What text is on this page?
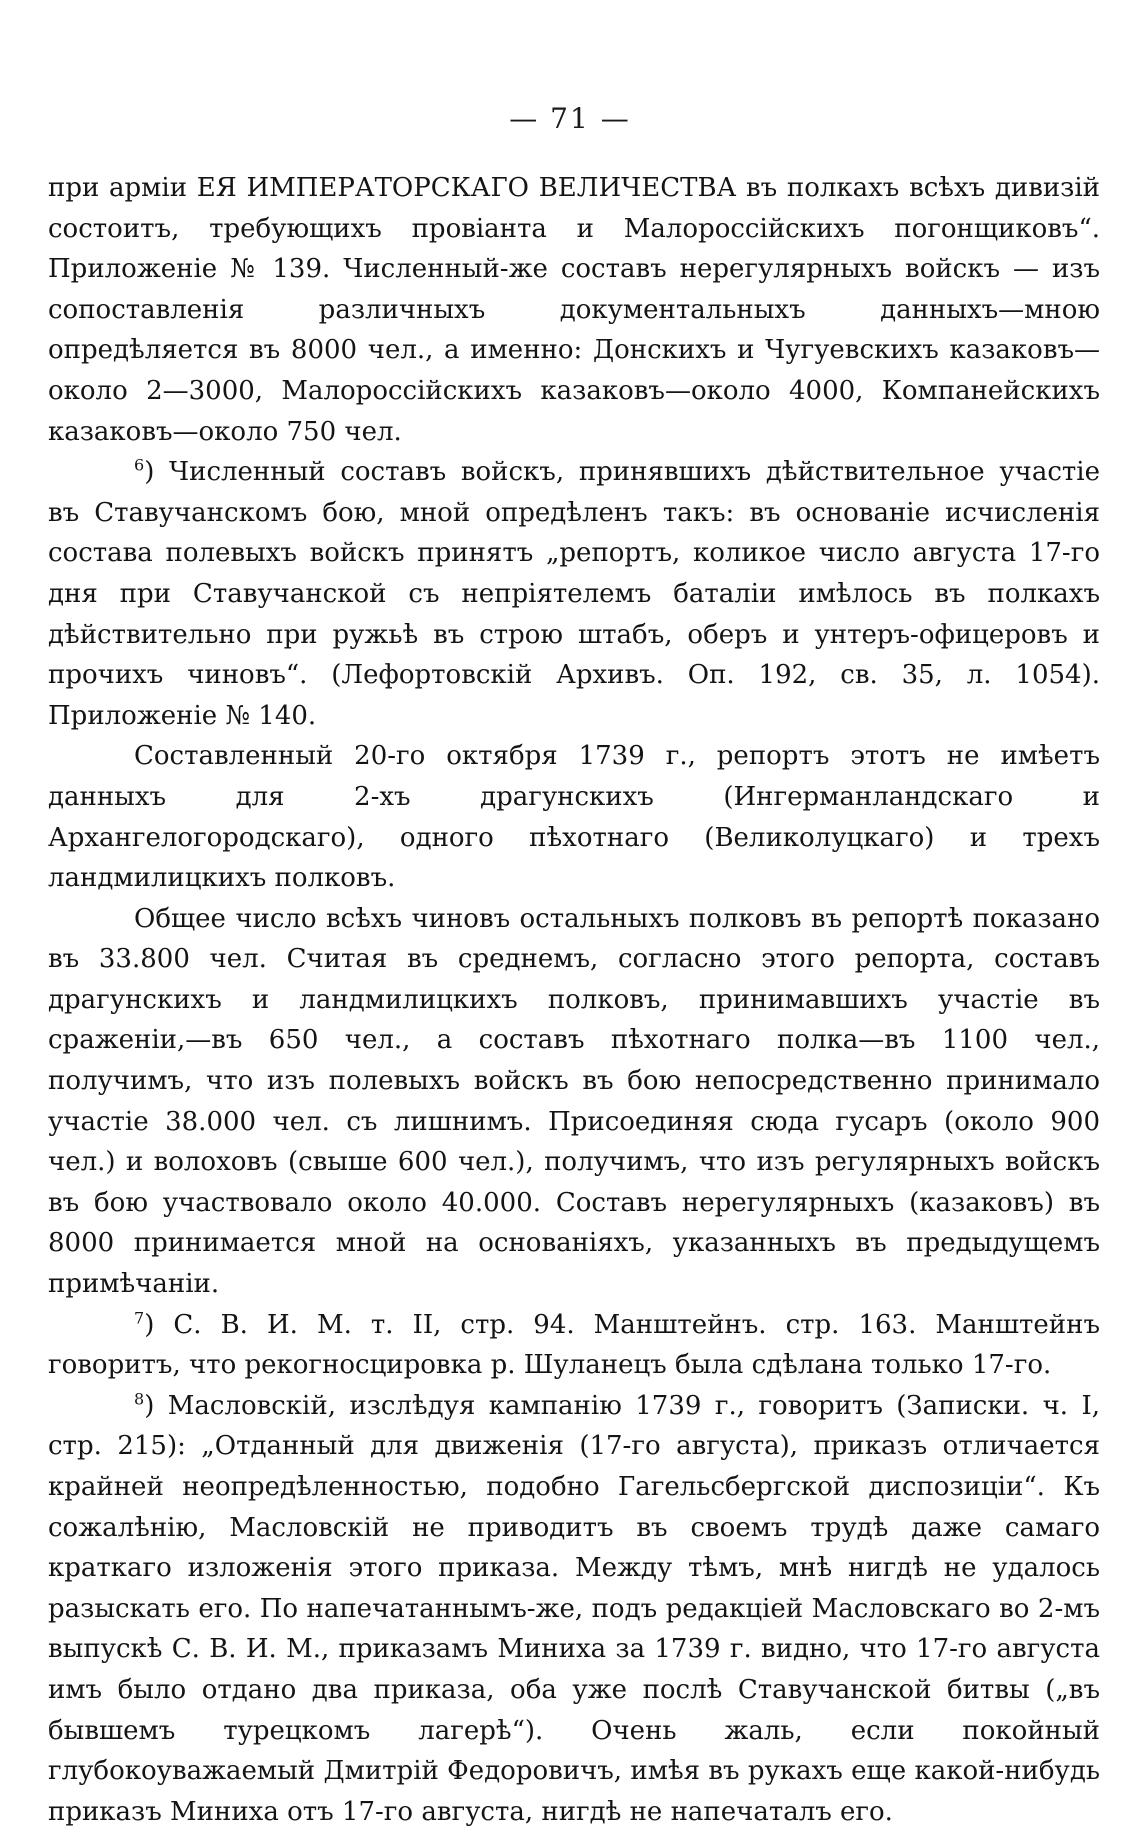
— 71 —

при арміи ЕЯ ИМПЕРАТОРСКАГО ВЕЛИЧЕСТВА въ полкахъ всѣхъ дивизій состоитъ, требующихъ провіанта и Малороссійскихъ погонщиковъ“. Приложеніе № 139. Численный-же составъ нерегулярныхъ войскъ — изъ сопоставленія различныхъ документальныхъ данныхъ—мною опредѣляется въ 8000 чел., а именно: Донскихъ и Чугуевскихъ казаковъ—около 2—3000, Малороссійскихъ казаковъ—около 4000, Компанейскихъ казаковъ—около 750 чел.

$^6$) Численный составъ войскъ, принявшихъ дѣйствительное участіе въ Ставучанскомъ бою, мной опредѣленъ такъ: въ основаніе исчисленія состава полевыхъ войскъ принятъ „репортъ, коликое число августа 17-го дня при Ставучанской съ непріятелемъ баталіи имѣлось въ полкахъ дѣйствительно при ружьѣ въ строю штабъ, оберъ и унтеръ-офицеровъ и прочихъ чиновъ“. (Лефортовскій Архивъ. Оп. 192, св. 35, л. 1054). Приложеніе № 140.

Составленный 20-го октября 1739 г., репортъ этотъ не имѣетъ данныхъ для 2-хъ драгунскихъ (Ингерманландскаго и Архангелогородскаго), одного пѣхотнаго (Великолуцкаго) и трехъ ландмилицкихъ полковъ.

Общее число всѣхъ чиновъ остальныхъ полковъ въ репортѣ показано въ 33.800 чел. Считая въ среднемъ, согласно этого репорта, составъ драгунскихъ и ландмилицкихъ полковъ, принимавшихъ участіе въ сраженіи,—въ 650 чел., а составъ пѣхотнаго полка—въ 1100 чел., получимъ, что изъ полевыхъ войскъ въ бою непосредственно принимало участіе 38.000 чел. съ лишнимъ. Присоединяя сюда гусаръ (около 900 чел.) и волоховъ (свыше 600 чел.), получимъ, что изъ регулярныхъ войскъ въ бою участвовало около 40.000. Составъ нерегулярныхъ (казаковъ) въ 8000 принимается мной на основаніяхъ, указанныхъ въ предыдущемъ примѣчаніи.

$^7$) С. В. И. М. т. II, стр. 94. Манштейнъ. стр. 163. Манштейнъ говоритъ, что рекогносцировка р. Шуланецъ была сдѣлана только 17-го.

$^8$) Масловскій, изслѣдуя кампанію 1739 г., говоритъ (Записки. ч. I, стр. 215): „Отданный для движенія (17-го августа), приказъ отличается крайней неопредѣленностью, подобно Гагельсбергской диспозиціи“. Къ сожалѣнію, Масловскій не приводитъ въ своемъ трудѣ даже самаго краткаго изложенія этого приказа. Между тѣмъ, мнѣ нигдѣ не удалось разыскать его. По напечатаннымъ-же, подъ редакціей Масловскаго во 2-мъ выпускѣ С. В. И. М., приказамъ Миниха за 1739 г. видно, что 17-го августа имъ было отдано два приказа, оба уже послѣ Ставучанской битвы („въ бывшемъ турецкомъ лагерѣ“). Очень жаль, если покойный глубокоуважаемый Дмитрій Федоровичъ, имѣя въ рукахъ еще какой-нибудь приказъ Миниха отъ 17-го августа, нигдѣ не напечаталъ его.
